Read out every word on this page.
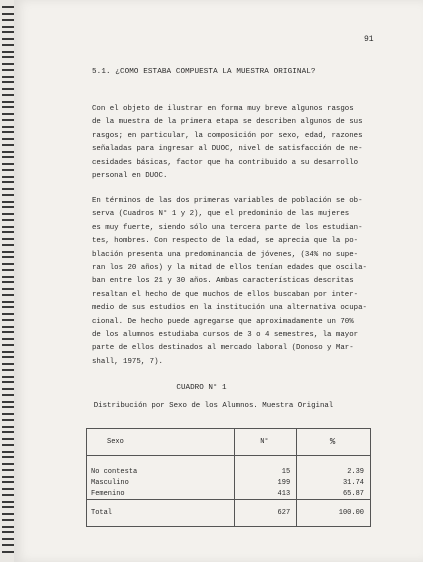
91
5.1. ¿COMO ESTABA COMPUESTA LA MUESTRA ORIGINAL?

Con el objeto de ilustrar en forma muy breve algunos rasgos
de la muestra de la primera etapa se describen algunos de sus
rasgos; en particular, la composición por sexo, edad, razones
señaladas para ingresar al DUOC, nivel de satisfacción de ne-
cesidades básicas, factor que ha contribuido a su desarrollo
personal en DUOC.

En términos de las dos primeras variables de población se ob-
serva (Cuadros N° 1 y 2), que el predominio de las mujeres
es muy fuerte, siendo sólo una tercera parte de los estudian-
tes, hombres. Con respecto de la edad, se aprecia que la po-
blación presenta una predominancia de jóvenes, (34% no supe-
ran los 20 años) y la mitad de ellos tenían edades que oscila-
ban entre los 21 y 30 años. Ambas características descritas
resaltan el hecho de que muchos de ellos buscaban por inter-
medio de sus estudios en la institución una alternativa ocupa-
cional. De hecho puede agregarse que aproximadamente un 70%
de los alumnos estudiaba cursos de 3 o 4 semestres, la mayor
parte de ellos destinados al mercado laboral (Donoso y Mar-
shall, 1975, 7).

CUADRO N° 1
Distribución por Sexo de los Alumnos. Muestra Original
Sexo	N°	%

No contesta	15	2.39
Masculino	199	31.74
Femenino	413	65.87
Total	627	100.00
